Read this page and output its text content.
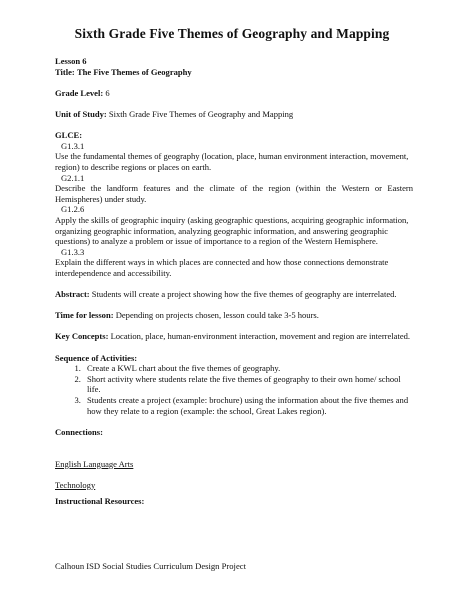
Sixth Grade Five Themes of Geography and Mapping
Lesson 6
Title: The Five Themes of Geography
Grade Level: 6
Unit of Study: Sixth Grade Five Themes of Geography and Mapping
GLCE:
G1.3.1
Use the fundamental themes of geography (location, place, human environment interaction, movement, region) to describe regions or places on earth.
G2.1.1
Describe the landform features and the climate of the region (within the Western or Eastern Hemispheres) under study.
G1.2.6
Apply the skills of geographic inquiry (asking geographic questions, acquiring geographic information, organizing geographic information, analyzing geographic information, and answering geographic questions) to analyze a problem or issue of importance to a region of the Western Hemisphere.
G1.3.3
Explain the different ways in which places are connected and how those connections demonstrate interdependence and accessibility.
Abstract: Students will create a project showing how the five themes of geography are interrelated.
Time for lesson: Depending on projects chosen, lesson could take 3-5 hours.
Key Concepts: Location, place, human-environment interaction, movement and region are interrelated.
Sequence of Activities:
1. Create a KWL chart about the five themes of geography.
2. Short activity where students relate the five themes of geography to their own home/ school life.
3. Students create a project (example: brochure) using the information about the five themes and how they relate to a region (example: the school, Great Lakes region).
Connections:
English Language Arts
Technology
Instructional Resources:
Calhoun ISD Social Studies Curriculum Design Project
